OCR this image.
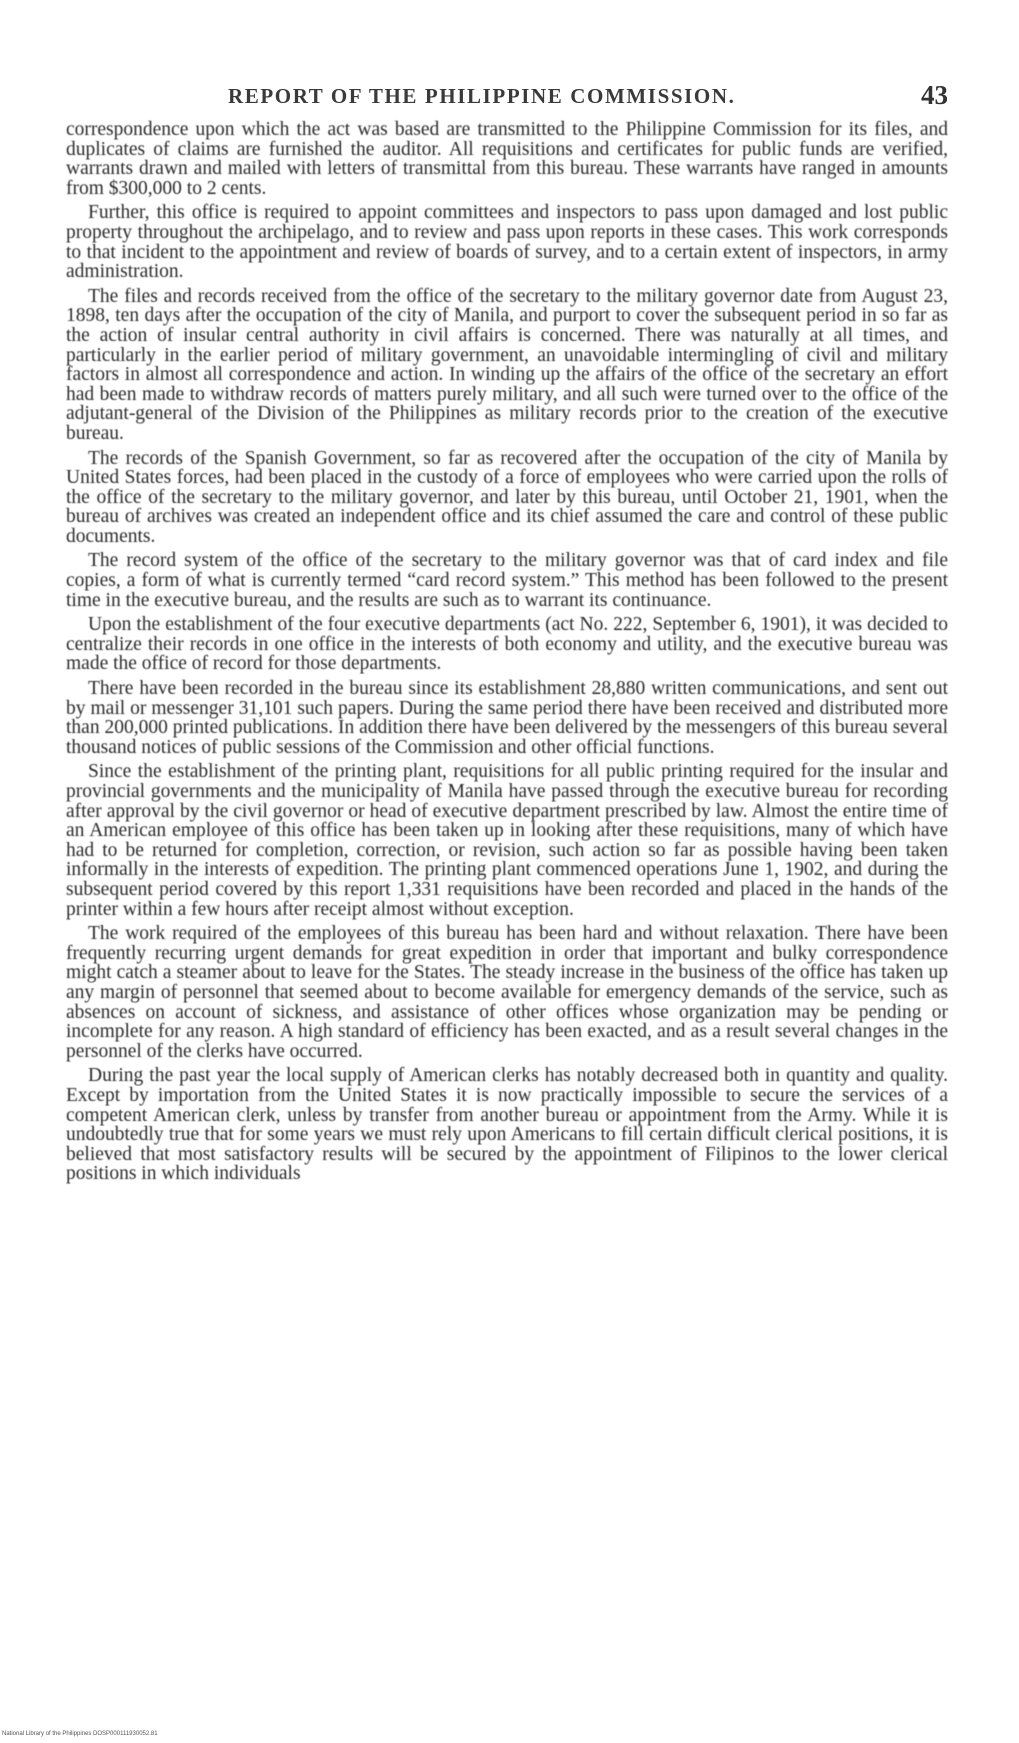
REPORT OF THE PHILIPPINE COMMISSION.	43

correspondence upon which the act was based are transmitted to the Philippine Commission for its files, and duplicates of claims are furnished the auditor. All requisitions and certificates for public funds are verified, warrants drawn and mailed with letters of transmittal from this bureau. These warrants have ranged in amounts from $300,000 to 2 cents.

Further, this office is required to appoint committees and inspectors to pass upon damaged and lost public property throughout the archipelago, and to review and pass upon reports in these cases. This work corresponds to that incident to the appointment and review of boards of survey, and to a certain extent of inspectors, in army administration.

The files and records received from the office of the secretary to the military governor date from August 23, 1898, ten days after the occupation of the city of Manila, and purport to cover the subsequent period in so far as the action of insular central authority in civil affairs is concerned. There was naturally at all times, and particularly in the earlier period of military government, an unavoidable intermingling of civil and military factors in almost all correspondence and action. In winding up the affairs of the office of the secretary an effort had been made to withdraw records of matters purely military, and all such were turned over to the office of the adjutant-general of the Division of the Philippines as military records prior to the creation of the executive bureau.

The records of the Spanish Government, so far as recovered after the occupation of the city of Manila by United States forces, had been placed in the custody of a force of employees who were carried upon the rolls of the office of the secretary to the military governor, and later by this bureau, until October 21, 1901, when the bureau of archives was created an independent office and its chief assumed the care and control of these public documents.

The record system of the office of the secretary to the military governor was that of card index and file copies, a form of what is currently termed “card record system.” This method has been followed to the present time in the executive bureau, and the results are such as to warrant its continuance.

Upon the establishment of the four executive departments (act No. 222, September 6, 1901), it was decided to centralize their records in one office in the interests of both economy and utility, and the executive bureau was made the office of record for those departments.

There have been recorded in the bureau since its establishment 28,880 written communications, and sent out by mail or messenger 31,101 such papers. During the same period there have been received and distributed more than 200,000 printed publications. In addition there have been delivered by the messengers of this bureau several thousand notices of public sessions of the Commission and other official functions.

Since the establishment of the printing plant, requisitions for all public printing required for the insular and provincial governments and the municipality of Manila have passed through the executive bureau for recording after approval by the civil governor or head of executive department prescribed by law. Almost the entire time of an American employee of this office has been taken up in looking after these requisitions, many of which have had to be returned for completion, correction, or revision, such action so far as possible having been taken informally in the interests of expedition. The printing plant commenced operations June 1, 1902, and during the subsequent period covered by this report 1,331 requisitions have been recorded and placed in the hands of the printer within a few hours after receipt almost without exception.

The work required of the employees of this bureau has been hard and without relaxation. There have been frequently recurring urgent demands for great expedition in order that important and bulky correspondence might catch a steamer about to leave for the States. The steady increase in the business of the office has taken up any margin of personnel that seemed about to become available for emergency demands of the service, such as absences on account of sickness, and assistance of other offices whose organization may be pending or incomplete for any reason. A high standard of efficiency has been exacted, and as a result several changes in the personnel of the clerks have occurred.

During the past year the local supply of American clerks has notably decreased both in quantity and quality. Except by importation from the United States it is now practically impossible to secure the services of a competent American clerk, unless by transfer from another bureau or appointment from the Army. While it is undoubtedly true that for some years we must rely upon Americans to fill certain difficult clerical positions, it is believed that most satisfactory results will be secured by the appointment of Filipinos to the lower clerical positions in which individuals

National Library of the Philippines DOSP000111930052.81
